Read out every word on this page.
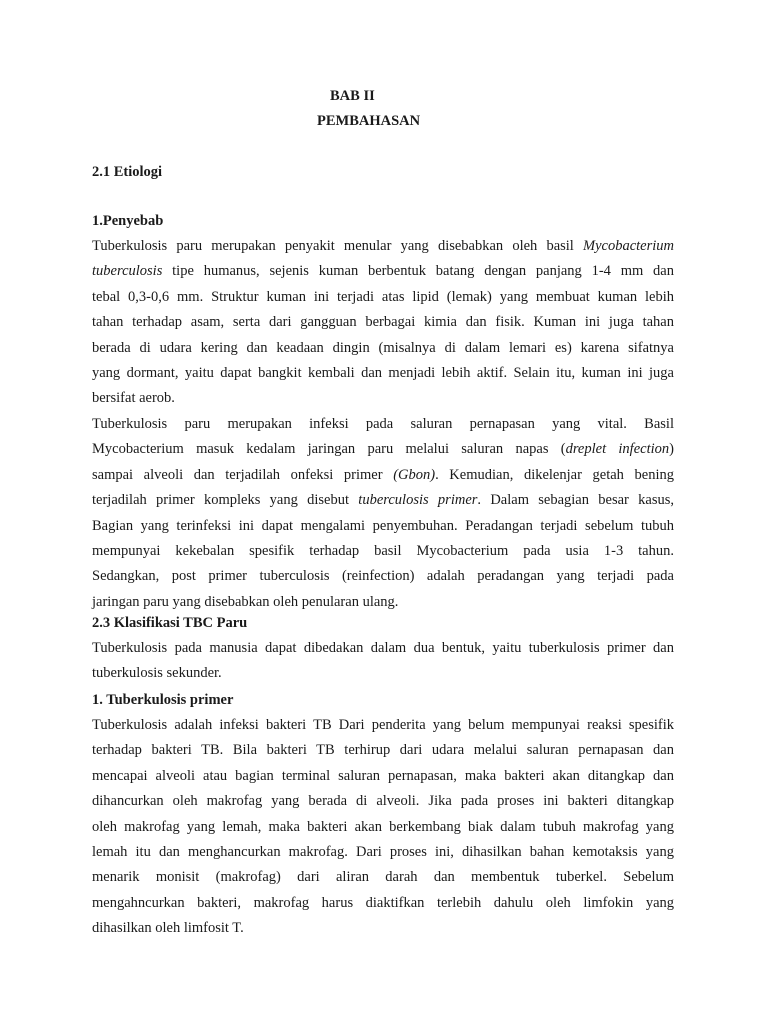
BAB II
PEMBAHASAN
2.1 Etiologi
1.Penyebab
Tuberkulosis paru merupakan penyakit menular yang disebabkan oleh basil Mycobacterium
tuberculosis tipe humanus, sejenis kuman berbentuk batang dengan panjang 1-4 mm dan
tebal 0,3-0,6 mm. Struktur kuman ini terjadi atas lipid (lemak) yang membuat kuman lebih
tahan terhadap asam, serta dari gangguan berbagai kimia dan fisik. Kuman ini juga tahan
berada di udara kering dan keadaan dingin (misalnya di dalam lemari es) karena sifatnya
yang dormant, yaitu dapat bangkit kembali dan menjadi lebih aktif. Selain itu, kuman ini juga
bersifat aerob.
Tuberkulosis paru merupakan infeksi pada saluran pernapasan yang vital. Basil
Mycobacterium masuk kedalam jaringan paru melalui saluran napas (dreplet infection)
sampai alveoli dan terjadilah onfeksi primer (Gbon). Kemudian, dikelenjar getah bening
terjadilah primer kompleks yang disebut tuberculosis primer. Dalam sebagian besar kasus,
Bagian yang terinfeksi ini dapat mengalami penyembuhan. Peradangan terjadi sebelum tubuh
mempunyai kekebalan spesifik terhadap basil Mycobacterium pada usia 1-3 tahun.
Sedangkan, post primer tuberculosis (reinfection) adalah peradangan yang terjadi pada
jaringan paru yang disebabkan oleh penularan ulang.
2.3 Klasifikasi TBC Paru
Tuberkulosis pada manusia dapat dibedakan dalam dua bentuk, yaitu tuberkulosis primer dan
tuberkulosis sekunder.
1. Tuberkulosis primer
Tuberkulosis adalah infeksi bakteri TB Dari penderita yang belum mempunyai reaksi spesifik
terhadap bakteri TB. Bila bakteri TB terhirup dari udara melalui saluran pernapasan dan
mencapai alveoli atau bagian terminal saluran pernapasan, maka bakteri akan ditangkap dan
dihancurkan oleh makrofag yang berada di alveoli. Jika pada proses ini bakteri ditangkap
oleh makrofag yang lemah, maka bakteri akan berkembang biak dalam tubuh makrofag yang
lemah itu dan menghancurkan makrofag. Dari proses ini, dihasilkan bahan kemotaksis yang
menarik monisit (makrofag) dari aliran darah dan membentuk tuberkel. Sebelum
mengahncurkan bakteri, makrofag harus diaktifkan terlebih dahulu oleh limfokin yang
dihasilkan oleh limfosit T.
